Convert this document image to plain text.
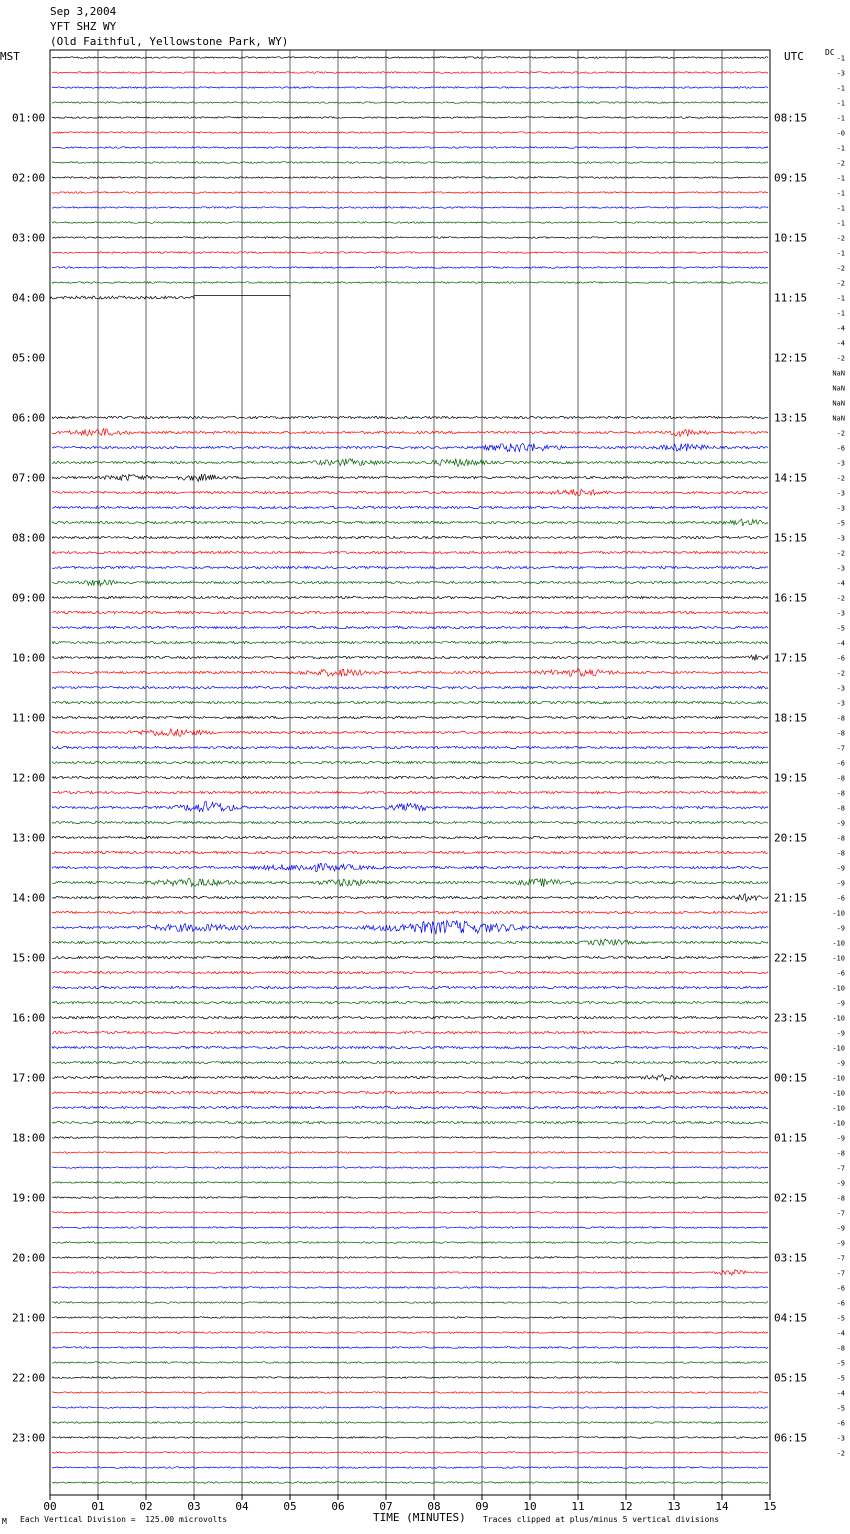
Sep 3,2004
YFT SHZ WY
(Old Faithful, Yellowstone Park, WY)
MST	UTC	DC
00	01	02	03	04	05	06	07	08	09	10	11	12	13	14	15
01:00	08:15
02:00	09:15
03:00	10:15
04:00	11:15
05:00	12:15
06:00	13:15
07:00	14:15
08:00	15:15
09:00	16:15
10:00	17:15
11:00	18:15
12:00	19:15
13:00	20:15
14:00	21:15
15:00	22:15
16:00	23:15
17:00	00:15
18:00	01:15
19:00	02:15
20:00	03:15
21:00	04:15
22:00	05:15
23:00	06:15
-1
-3
-1
-1
-1
-0
-1
-2
-1
-1
-1
-1
-2
-1
-2
-2
-1
-1
-4
-4
-2
NaN
NaN
NaN
NaN
-2
-6
-3
-2
-3
-3
-5
-3
-2
-3
-4
-2
-3
-5
-4
-6
-2
-3
-3
-8
-8
-7
-6
-8
-8
-8
-9
-8
-8
-9
-9
-6
-10
-9
-10
-10
-6
-10
-9
-10
-9
-10
-9
-10
-10
-10
-10
-9
-8
-7
-9
-8
-7
-9
-9
-7
-7
-6
-6
-5
-4
-8
-5
-5
-4
-5
-6
-3
-2
TIME (MINUTES)
M Each Vertical Division =  125.00 microvolts	Traces clipped at plus/minus 5 vertical divisions
